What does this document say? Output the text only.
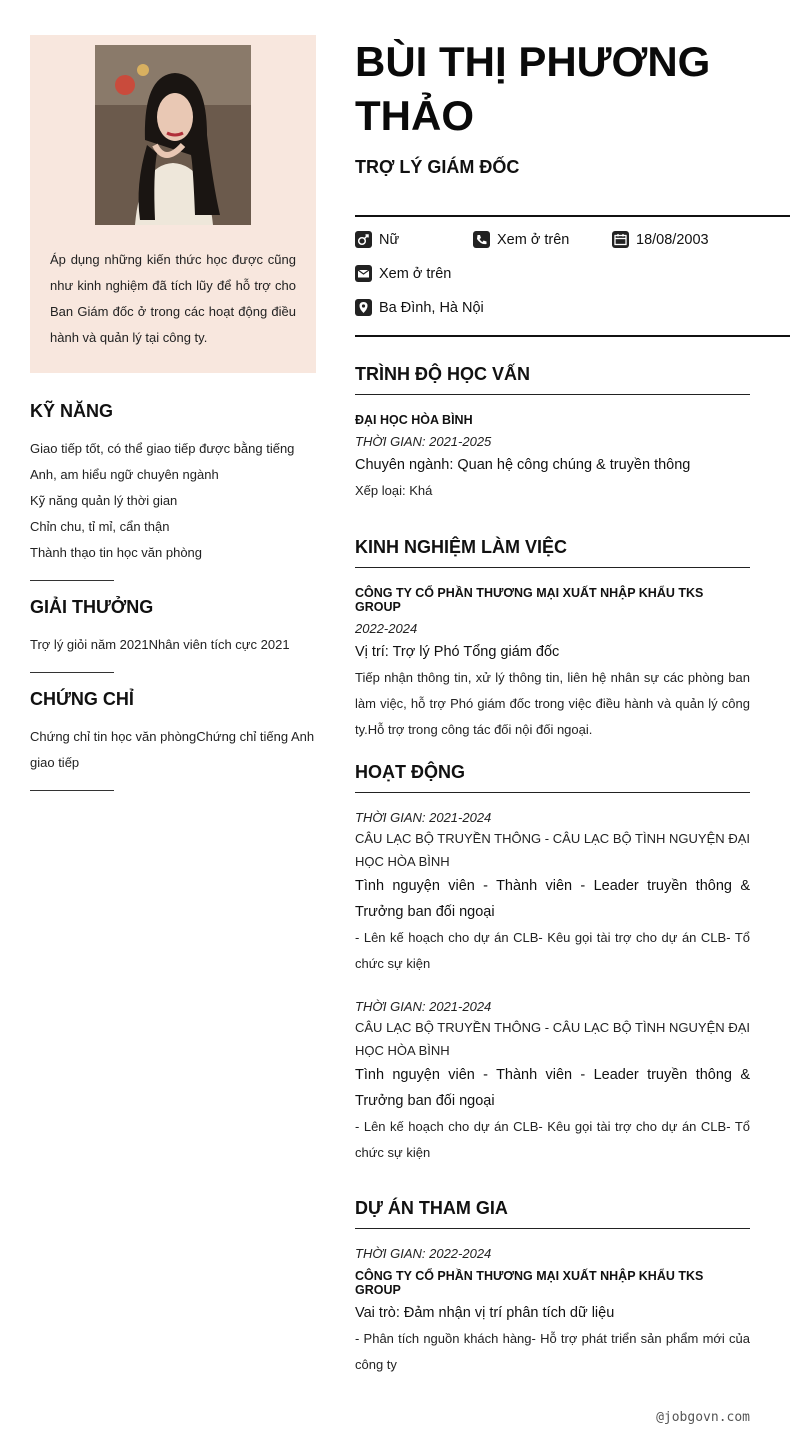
Áp dụng những kiến thức học được cũng như kinh nghiệm đã tích lũy để hỗ trợ cho Ban Giám đốc ở trong các hoạt động điều hành và quản lý tại công ty.
KỸ NĂNG
Giao tiếp tốt, có thể giao tiếp được bằng tiếng Anh, am hiểu ngữ chuyên ngành
Kỹ năng quản lý thời gian
Chỉn chu, tỉ mỉ, cẩn thận
Thành thạo tin học văn phòng
GIẢI THƯỞNG
Trợ lý giỏi năm 2021Nhân viên tích cực 2021
CHỨNG CHỈ
Chứng chỉ tin học văn phòngChứng chỉ tiếng Anh giao tiếp
BÙI THỊ PHƯƠNG THẢO
TRỢ LÝ GIÁM ĐỐC
Nữ	Xem ở trên	18/08/2003
Xem ở trên
Ba Đình, Hà Nội
TRÌNH ĐỘ HỌC VẤN
ĐẠI HỌC HÒA BÌNH
THỜI GIAN: 2021-2025
Chuyên ngành: Quan hệ công chúng & truyền thông
Xếp loại: Khá
KINH NGHIỆM LÀM VIỆC
CÔNG TY CỔ PHẦN THƯƠNG MẠI XUẤT NHẬP KHẨU TKS GROUP
2022-2024
Vị trí: Trợ lý Phó Tổng giám đốc
Tiếp nhận thông tin, xử lý thông tin, liên hệ nhân sự các phòng ban làm việc, hỗ trợ Phó giám đốc trong việc điều hành và quản lý công ty.Hỗ trợ trong công tác đối nội đối ngoại.
HOẠT ĐỘNG
THỜI GIAN: 2021-2024
CÂU LẠC BỘ TRUYỀN THÔNG - CÂU LẠC BỘ TÌNH NGUYỆN ĐẠI HỌC HÒA BÌNH
Tình nguyện viên - Thành viên - Leader truyền thông & Trưởng ban đối ngoại
- Lên kế hoạch cho dự án CLB- Kêu gọi tài trợ cho dự án CLB- Tổ chức sự kiện
THỜI GIAN: 2021-2024
CÂU LẠC BỘ TRUYỀN THÔNG - CÂU LẠC BỘ TÌNH NGUYỆN ĐẠI HỌC HÒA BÌNH
Tình nguyện viên - Thành viên - Leader truyền thông & Trưởng ban đối ngoại
- Lên kế hoạch cho dự án CLB- Kêu gọi tài trợ cho dự án CLB- Tổ chức sự kiện
DỰ ÁN THAM GIA
THỜI GIAN: 2022-2024
CÔNG TY CỔ PHẦN THƯƠNG MẠI XUẤT NHẬP KHẨU TKS GROUP
Vai trò: Đảm nhận vị trí phân tích dữ liệu
- Phân tích nguồn khách hàng- Hỗ trợ phát triển sản phẩm mới của công ty
@jobgovn.com
